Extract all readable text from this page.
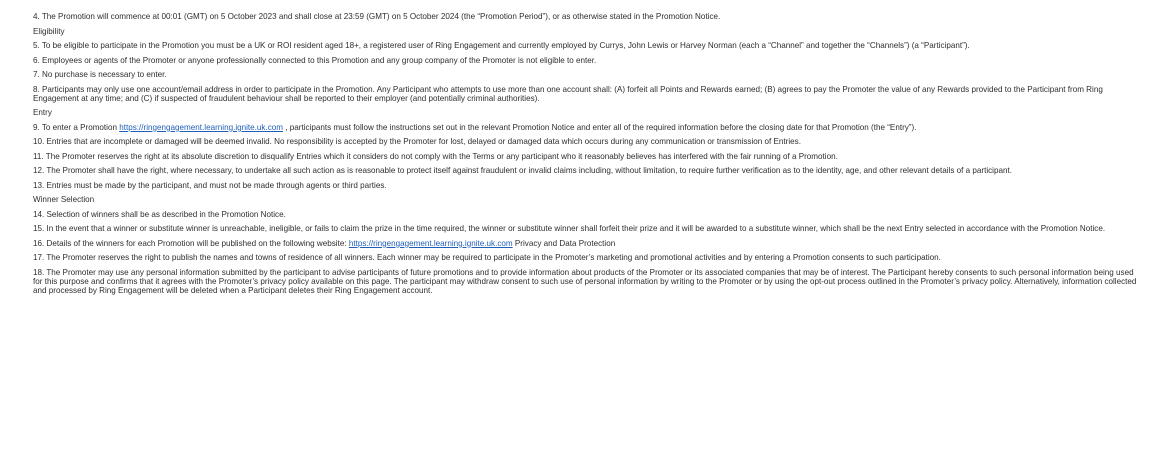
4. The Promotion will commence at 00:01 (GMT) on 5 October 2023 and shall close at 23:59 (GMT) on 5 October 2024 (the “Promotion Period”), or as otherwise stated in the Promotion Notice.

Eligibility

5. To be eligible to participate in the Promotion you must be a UK or ROI resident aged 18+, a registered user of Ring Engagement and currently employed by Currys, John Lewis or Harvey Norman (each a “Channel” and together the “Channels”) (a “Participant”).

6. Employees or agents of the Promoter or anyone professionally connected to this Promotion and any group company of the Promoter is not eligible to enter.

7. No purchase is necessary to enter.

8. Participants may only use one account/email address in order to participate in the Promotion. Any Participant who attempts to use more than one account shall: (A) forfeit all Points and Rewards earned; (B) agrees to pay the Promoter the value of any Rewards provided to the Participant from Ring Engagement at any time; and (C) if suspected of fraudulent behaviour shall be reported to their employer (and potentially criminal authorities).

Entry

9. To enter a Promotion https://ringengagement.learning.ignite.uk.com , participants must follow the instructions set out in the relevant Promotion Notice and enter all of the required information before the closing date for that Promotion (the “Entry”).

10. Entries that are incomplete or damaged will be deemed invalid. No responsibility is accepted by the Promoter for lost, delayed or damaged data which occurs during any communication or transmission of Entries.

11. The Promoter reserves the right at its absolute discretion to disqualify Entries which it considers do not comply with the Terms or any participant who it reasonably believes has interfered with the fair running of a Promotion.

12. The Promoter shall have the right, where necessary, to undertake all such action as is reasonable to protect itself against fraudulent or invalid claims including, without limitation, to require further verification as to the identity, age, and other relevant details of a participant.

13. Entries must be made by the participant, and must not be made through agents or third parties.

Winner Selection

14. Selection of winners shall be as described in the Promotion Notice.

15. In the event that a winner or substitute winner is unreachable, ineligible, or fails to claim the prize in the time required, the winner or substitute winner shall forfeit their prize and it will be awarded to a substitute winner, which shall be the next Entry selected in accordance with the Promotion Notice.

16. Details of the winners for each Promotion will be published on the following website: https://ringengagement.learning.ignite.uk.com Privacy and Data Protection

17. The Promoter reserves the right to publish the names and towns of residence of all winners. Each winner may be required to participate in the Promoter’s marketing and promotional activities and by entering a Promotion consents to such participation.

18. The Promoter may use any personal information submitted by the participant to advise participants of future promotions and to provide information about products of the Promoter or its associated companies that may be of interest. The Participant hereby consents to such personal information being used for this purpose and confirms that it agrees with the Promoter’s privacy policy available on this page. The participant may withdraw consent to such use of personal information by writing to the Promoter or by using the opt-out process outlined in the Promoter’s privacy policy. Alternatively, information collected and processed by Ring Engagement will be deleted when a Participant deletes their Ring Engagement account.
